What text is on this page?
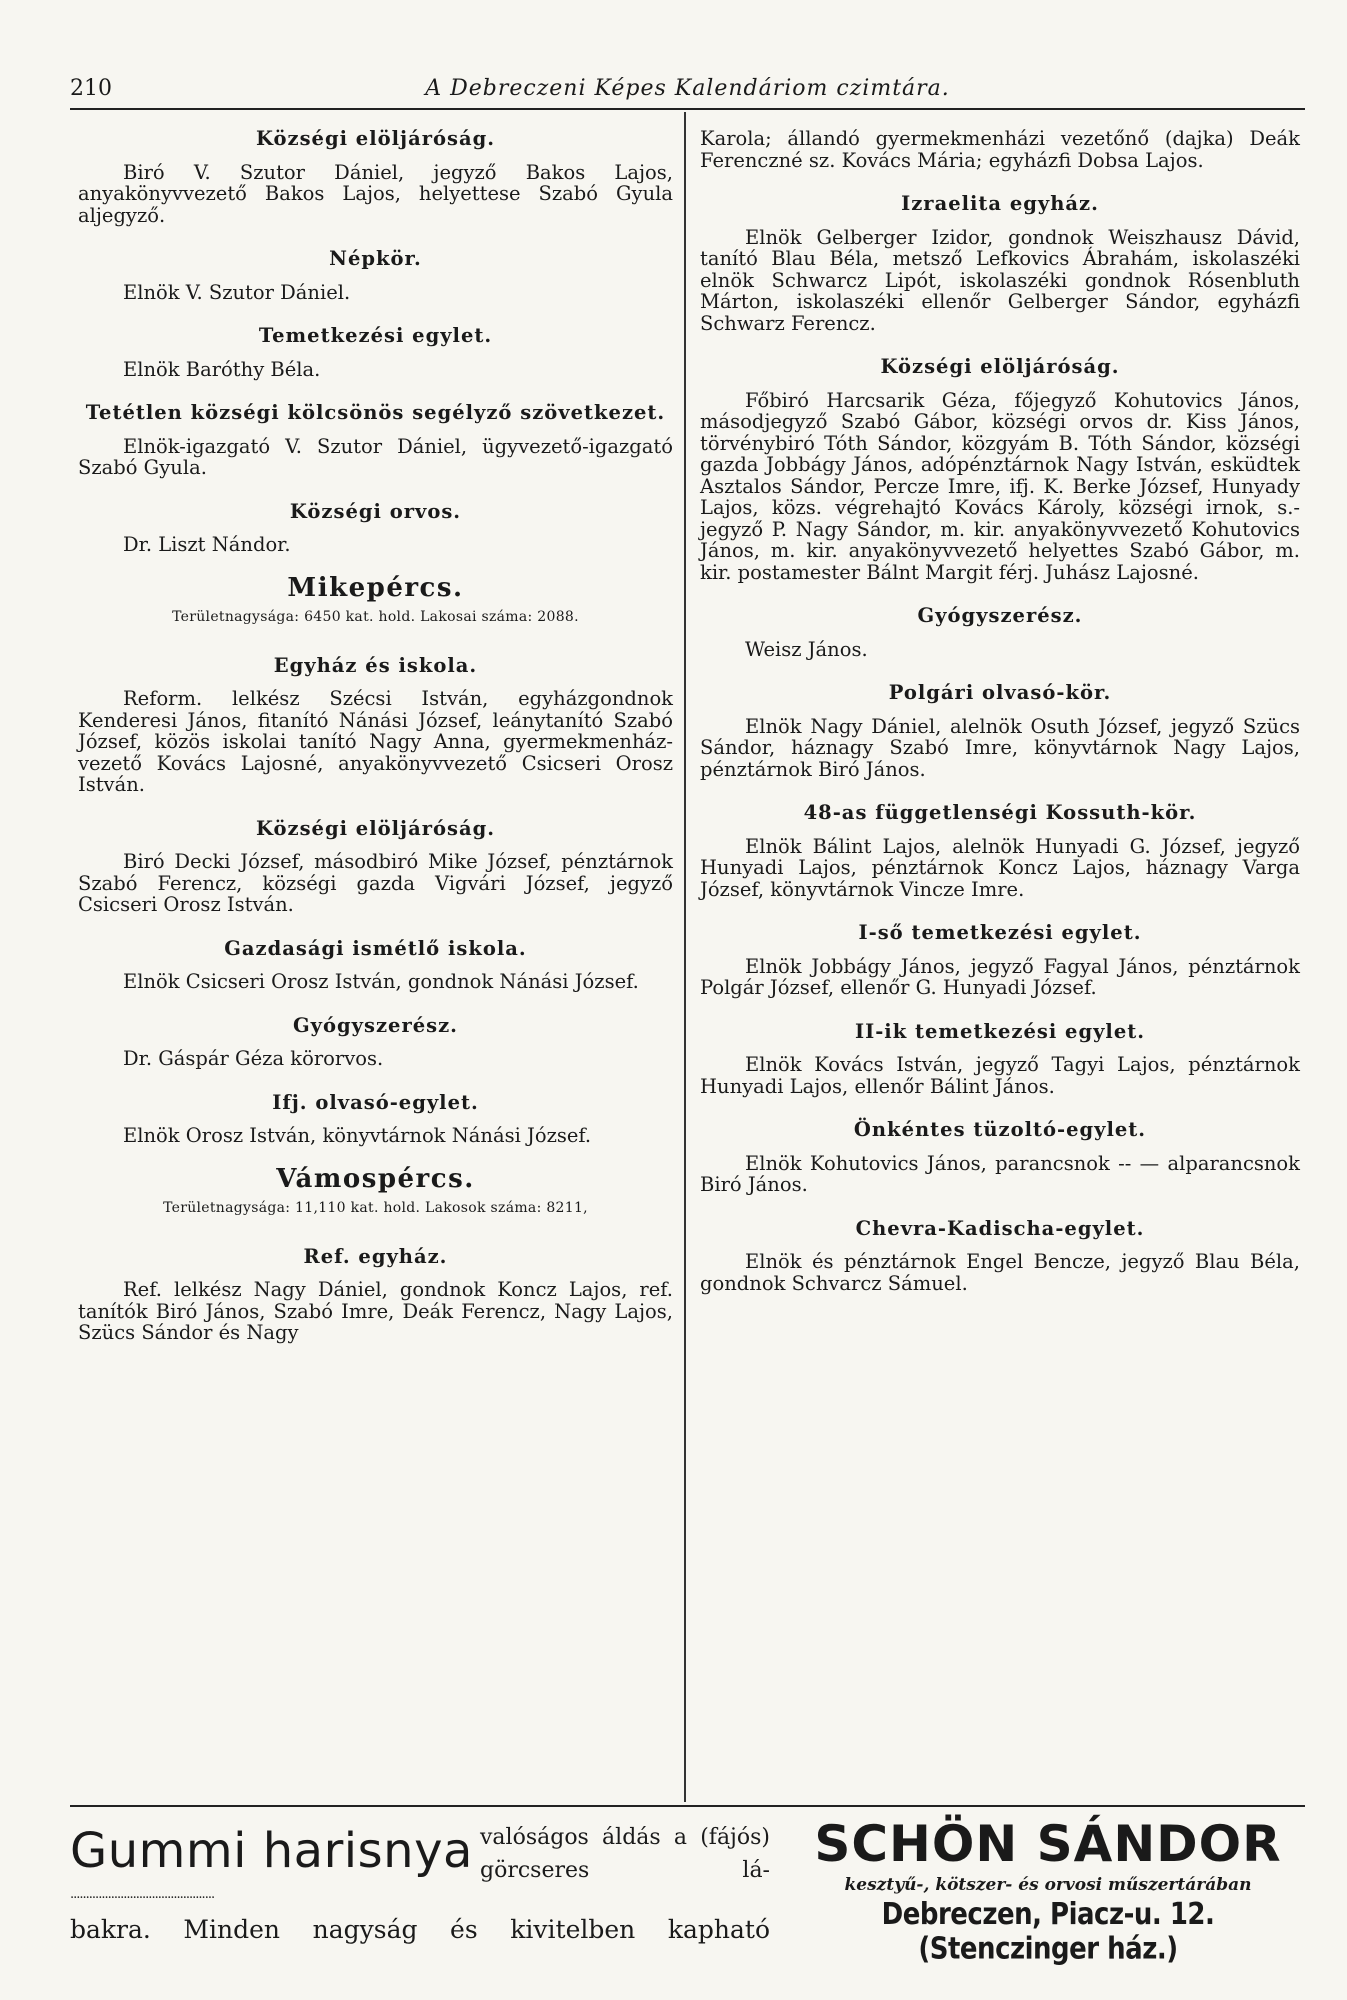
210	A Debreczeni Képes Kalendáriom czimtára.
Községi elöljáróság.

Biró V. Szutor Dániel, jegyző Bakos Lajos, anyakönyvvezető Bakos Lajos, helyettese Szabó Gyula aljegyző.

Népkör.

Elnök V. Szutor Dániel.

Temetkezési egylet.

Elnök Baróthy Béla.

Tetétlen községi kölcsönös segélyző szövetkezet.

Elnök-igazgató V. Szutor Dániel, ügyvezető-igazgató Szabó Gyula.

Községi orvos.

Dr. Liszt Nándor.

Mikepércs.
Területnagysága: 6450 kat. hold. Lakosai száma: 2088.
Egyház és iskola.

Reform. lelkész Szécsi István, egyházgondnok Kenderesi János, fitanító Nánási József, leánytanító Szabó József, közös iskolai tanító Nagy Anna, gyermekmenház-vezető Kovács Lajosné, anyakönyvvezető Csicseri Orosz István.

Községi elöljáróság.

Biró Decki József, másodbiró Mike József, pénztárnok Szabó Ferencz, községi gazda Vigvári József, jegyző Csicseri Orosz István.

Gazdasági ismétlő iskola.

Elnök Csicseri Orosz István, gondnok Nánási József.

Gyógyszerész.

Dr. Gáspár Géza körorvos.

Ifj. olvasó-egylet.

Elnök Orosz István, könyvtárnok Nánási József.

Vámospércs.
Területnagysága: 11,110 kat. hold. Lakosok száma: 8211,
Ref. egyház.

Ref. lelkész Nagy Dániel, gondnok Koncz Lajos, ref. tanítók Biró János, Szabó Imre, Deák Ferencz, Nagy Lajos, Szücs Sándor és Nagy

Karola; állandó gyermekmenházi vezetőnő (dajka) Deák Ferenczné sz. Kovács Mária; egyházfi Dobsa Lajos.

Izraelita egyház.

Elnök Gelberger Izidor, gondnok Weiszhausz Dávid, tanító Blau Béla, metsző Lefkovics Ábrahám, iskolaszéki elnök Schwarcz Lipót, iskolaszéki gondnok Rósenbluth Márton, iskolaszéki ellenőr Gelberger Sándor, egyházfi Schwarz Ferencz.

Községi elöljáróság.

Főbiró Harcsarik Géza, főjegyző Kohutovics János, másodjegyző Szabó Gábor, községi orvos dr. Kiss János, törvénybiró Tóth Sándor, közgyám B. Tóth Sándor, községi gazda Jobbágy János, adópénztárnok Nagy István, esküdtek Asztalos Sándor, Percze Imre, ifj. K. Berke József, Hunyady Lajos, közs. végrehajtó Kovács Károly, községi irnok, s.-jegyző P. Nagy Sándor, m. kir. anyakönyvvezető Kohutovics János, m. kir. anyakönyvvezető helyettes Szabó Gábor, m. kir. postamester Bálnt Margit férj. Juhász Lajosné.

Gyógyszerész.

Weisz János.

Polgári olvasó-kör.

Elnök Nagy Dániel, alelnök Osuth József, jegyző Szücs Sándor, háznagy Szabó Imre, könyvtárnok Nagy Lajos, pénztárnok Biró János.

48-as függetlenségi Kossuth-kör.

Elnök Bálint Lajos, alelnök Hunyadi G. József, jegyző Hunyadi Lajos, pénztárnok Koncz Lajos, háznagy Varga József, könyvtárnok Vincze Imre.

I-ső temetkezési egylet.

Elnök Jobbágy János, jegyző Fagyal János, pénztárnok Polgár József, ellenőr G. Hunyadi József.

II-ik temetkezési egylet.

Elnök Kovács István, jegyző Tagyi Lajos, pénztárnok Hunyadi Lajos, ellenőr Bálint János.

Önkéntes tüzoltó-egylet.

Elnök Kohutovics János, parancsnok -- — alparancsnok Biró János.

Chevra-Kadischa-egylet.

Elnök és pénztárnok Engel Bencze, jegyző Blau Béla, gondnok Schvarcz Sámuel.

Gummi harisnya
..............................................
valóságos áldás a (fájós) görcseres lá-
bakra. Minden nagyság és kivitelben kapható
SCHÖN SÁNDOR
kesztyű-, kötszer- és orvosi műszertárában
Debreczen, Piacz-u. 12. (Stenczinger ház.)
